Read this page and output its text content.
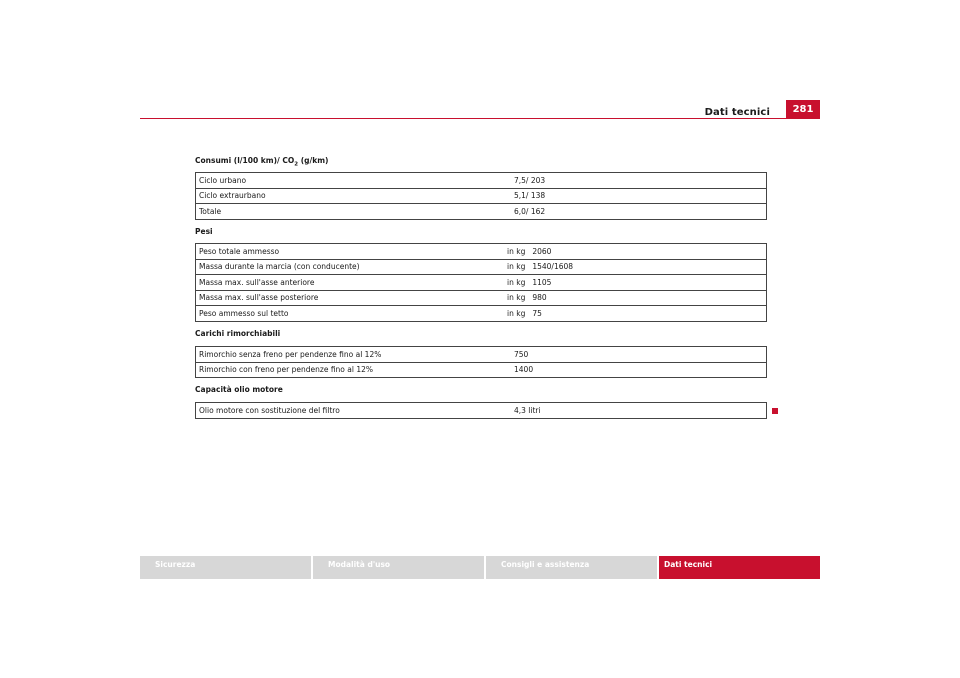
Dati tecnici	281
Consumi (l/100 km)/ $CO_2$ (g/km)
Ciclo urbano		7,5/ 203
Ciclo extraurbano		5,1/ 138
Totale		6,0/ 162
Pesi
Peso totale ammesso	in kg	2060
Massa durante la marcia (con conducente)	in kg	1540/1608
Massa max. sull'asse anteriore	in kg	1105
Massa max. sull'asse posteriore	in kg	980
Peso ammesso sul tetto	in kg	75
Carichi rimorchiabili
Rimorchio senza freno per pendenze fino al 12%		750
Rimorchio con freno per pendenze fino al 12%		1400
Capacità olio motore
Olio motore con sostituzione del filtro		4,3 litri
Sicurezza	Modalità d'uso	Consigli e assistenza	Dati tecnici
